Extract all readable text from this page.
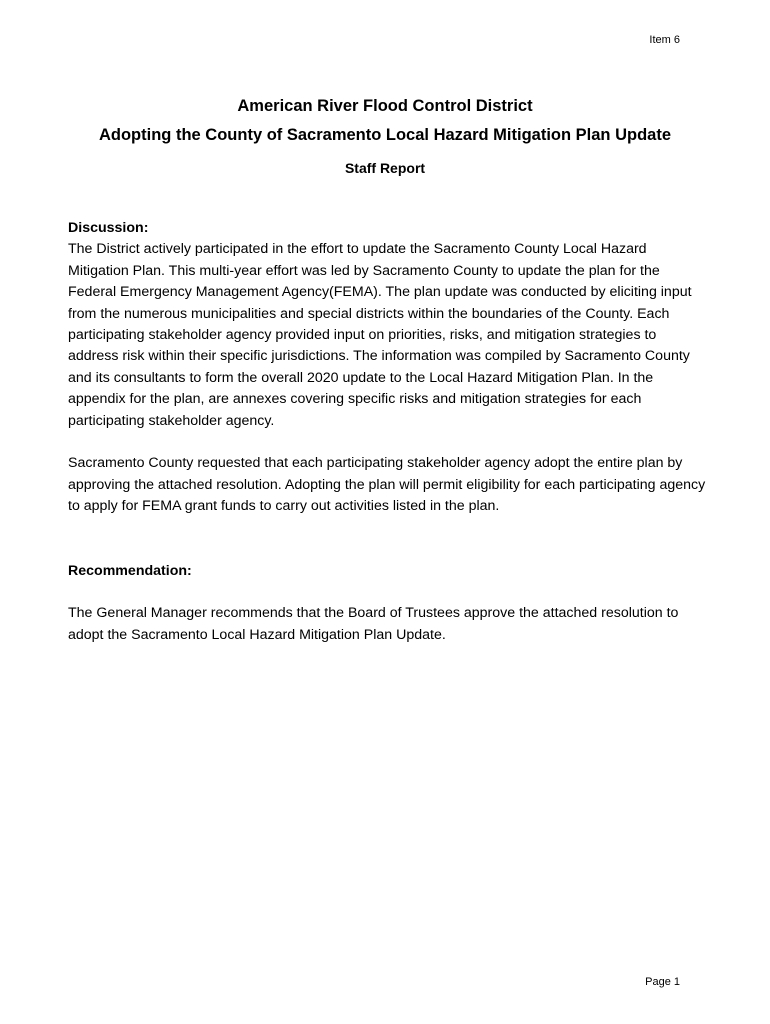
Item 6
American River Flood Control District
Adopting the County of Sacramento Local Hazard Mitigation Plan Update
Staff Report
Discussion:

The District actively participated in the effort to update the Sacramento County Local Hazard Mitigation Plan. This multi-year effort was led by Sacramento County to update the plan for the Federal Emergency Management Agency(FEMA). The plan update was conducted by eliciting input from the numerous municipalities and special districts within the boundaries of the County. Each participating stakeholder agency provided input on priorities, risks, and mitigation strategies to address risk within their specific jurisdictions. The information was compiled by Sacramento County and its consultants to form the overall 2020 update to the Local Hazard Mitigation Plan. In the appendix for the plan, are annexes covering specific risks and mitigation strategies for each participating stakeholder agency.

Sacramento County requested that each participating stakeholder agency adopt the entire plan by approving the attached resolution. Adopting the plan will permit eligibility for each participating agency to apply for FEMA grant funds to carry out activities listed in the plan.

Recommendation:

The General Manager recommends that the Board of Trustees approve the attached resolution to adopt the Sacramento Local Hazard Mitigation Plan Update.

Page 1
